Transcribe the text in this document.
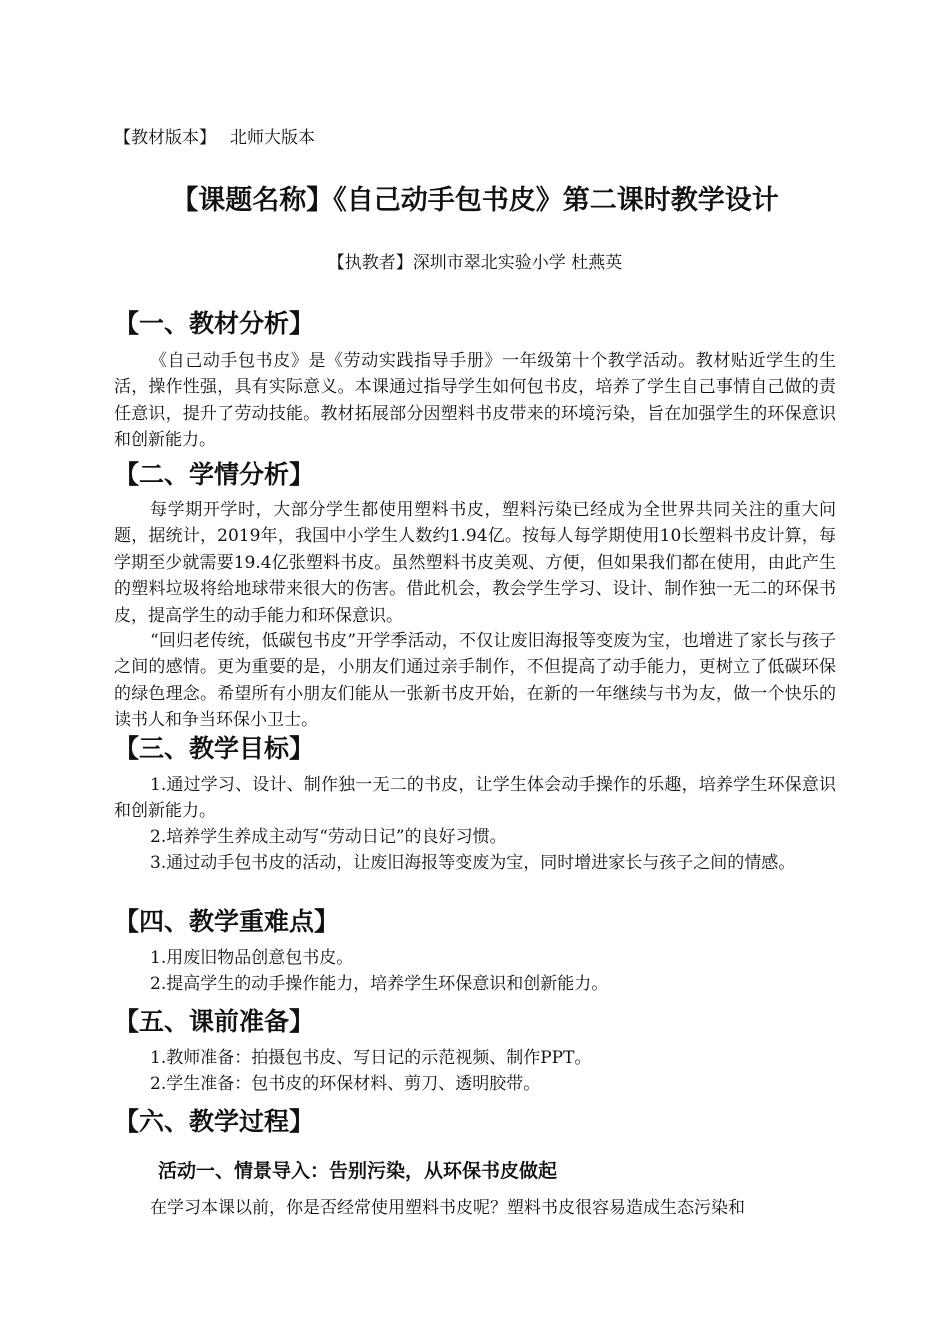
【教材版本】 北师大版本
【课题名称】《自己动手包书皮》第二课时教学设计
【执教者】深圳市翠北实验小学 杜燕英
【一、教材分析】
《自己动手包书皮》是《劳动实践指导手册》一年级第十个教学活动。教材贴近学生的生活，操作性强，具有实际意义。本课通过指导学生如何包书皮，培养了学生自己事情自己做的责任意识，提升了劳动技能。教材拓展部分因塑料书皮带来的环境污染，旨在加强学生的环保意识和创新能力。
【二、学情分析】
每学期开学时，大部分学生都使用塑料书皮，塑料污染已经成为全世界共同关注的重大问题，据统计，2019年，我国中小学生人数约1.94亿。按每人每学期使用10长塑料书皮计算，每学期至少就需要19.4亿张塑料书皮。虽然塑料书皮美观、方便，但如果我们都在使用，由此产生的塑料垃圾将给地球带来很大的伤害。借此机会，教会学生学习、设计、制作独一无二的环保书皮，提高学生的动手能力和环保意识。
“回归老传统，低碳包书皮”开学季活动，不仅让废旧海报等变废为宝，也增进了家长与孩子之间的感情。更为重要的是，小朋友们通过亲手制作，不但提高了动手能力，更树立了低碳环保的绿色理念。希望所有小朋友们能从一张新书皮开始，在新的一年继续与书为友，做一个快乐的读书人和争当环保小卫士。
【三、教学目标】
1.通过学习、设计、制作独一无二的书皮，让学生体会动手操作的乐趣，培养学生环保意识和创新能力。
2.培养学生养成主动写“劳动日记”的良好习惯。
3.通过动手包书皮的活动，让废旧海报等变废为宝，同时增进家长与孩子之间的情感。
【四、教学重难点】
1.用废旧物品创意包书皮。
2.提高学生的动手操作能力，培养学生环保意识和创新能力。
【五、课前准备】
1.教师准备：拍摄包书皮、写日记的示范视频、制作PPT。
2.学生准备：包书皮的环保材料、剪刀、透明胶带。
【六、教学过程】
活动一、情景导入：告别污染，从环保书皮做起
在学习本课以前，你是否经常使用塑料书皮呢？塑料书皮很容易造成生态污染和
